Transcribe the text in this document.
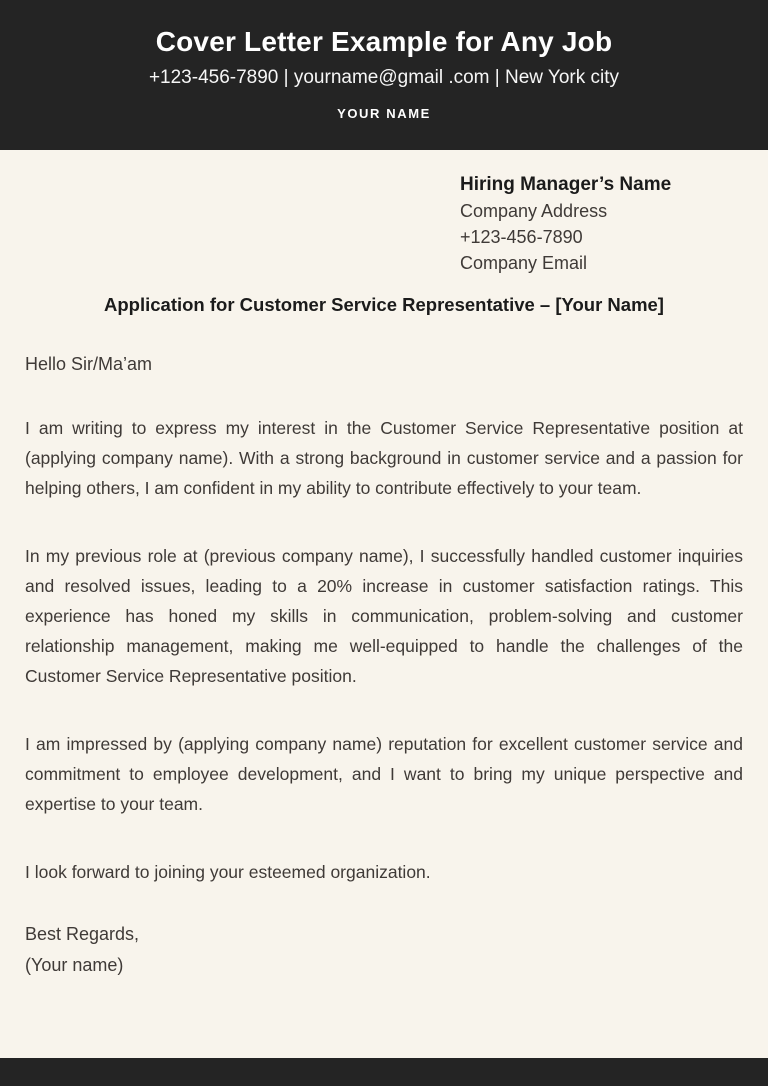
Cover Letter Example for Any Job
+123-456-7890 | yourname@gmail .com | New York city
YOUR NAME
Hiring Manager’s Name
Company Address
+123-456-7890
Company Email
Application for Customer Service Representative – [Your Name]
Hello Sir/Ma’am

I am writing to express my interest in the Customer Service Representative position at (applying company name). With a strong background in customer service and a passion for helping others, I am confident in my ability to contribute effectively to your team.

In my previous role at (previous company name), I successfully handled customer inquiries and resolved issues, leading to a 20% increase in customer satisfaction ratings. This experience has honed my skills in communication, problem-solving and customer relationship management, making me well-equipped to handle the challenges of the Customer Service Representative position.

I am impressed by (applying company name) reputation for excellent customer service and commitment to employee development, and I want to bring my unique perspective and expertise to your team.

I look forward to joining your esteemed organization.

Best Regards,
(Your name)
